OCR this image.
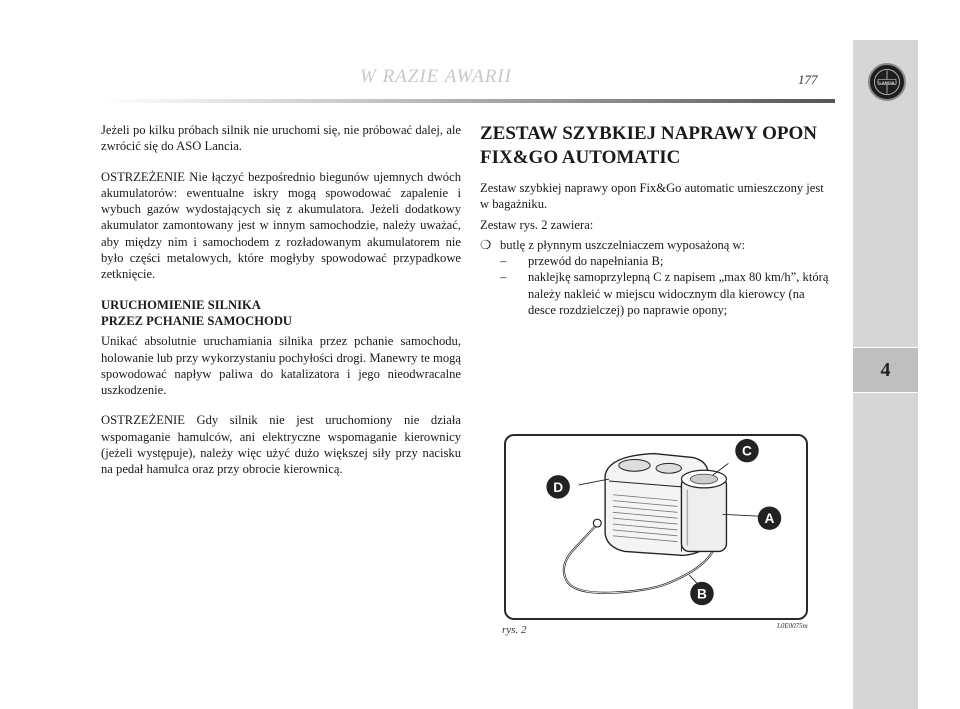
LANCIA
4
W RAZIE AWARII	177

Jeżeli po kilku próbach silnik nie uruchomi się, nie próbować dalej, ale zwrócić się do ASO Lancia.

OSTRZEŻENIE Nie łączyć bezpośrednio biegunów ujemnych dwóch akumulatorów: ewentualne iskry mogą spowodować zapalenie i wybuch gazów wydostających się z akumulatora. Jeżeli dodatkowy akumulator zamontowany jest w innym samochodzie, należy uważać, aby między nim i samochodem z rozładowanym akumulatorem nie było części metalowych, które mogłyby spowodować przypadkowe zetknięcie.

URUCHOMIENIE SILNIKA
PRZEZ PCHANIE SAMOCHODU

Unikać absolutnie uruchamiania silnika przez pchanie samochodu, holowanie lub przy wykorzystaniu pochyłości drogi. Manewry te mogą spowodować napływ paliwa do katalizatora i jego nieodwracalne uszkodzenie.

OSTRZEŻENIE Gdy silnik nie jest uruchomiony nie działa wspomaganie hamulców, ani elektryczne wspomaganie kierownicy (jeżeli występuje), należy więc użyć dużo większej siły przy nacisku na pedał hamulca oraz przy obrocie kierownicą.

ZESTAW SZYBKIEJ NAPRAWY OPON FIX&GO AUTOMATIC

Zestaw szybkiej naprawy opon Fix&Go automatic umieszczony jest w bagażniku.

Zestaw rys. 2 zawiera:

❍ butlę z płynnym uszczelniaczem wyposażoną w:
– przewód do napełniania B;
– naklejkę samoprzylepną C z napisem „max 80 km/h”, którą należy nakleić w miejscu widocznym dla kierowcy (na desce rozdzielczej) po naprawie opony;
D
C
A
B
rys. 2	L0E0075m
